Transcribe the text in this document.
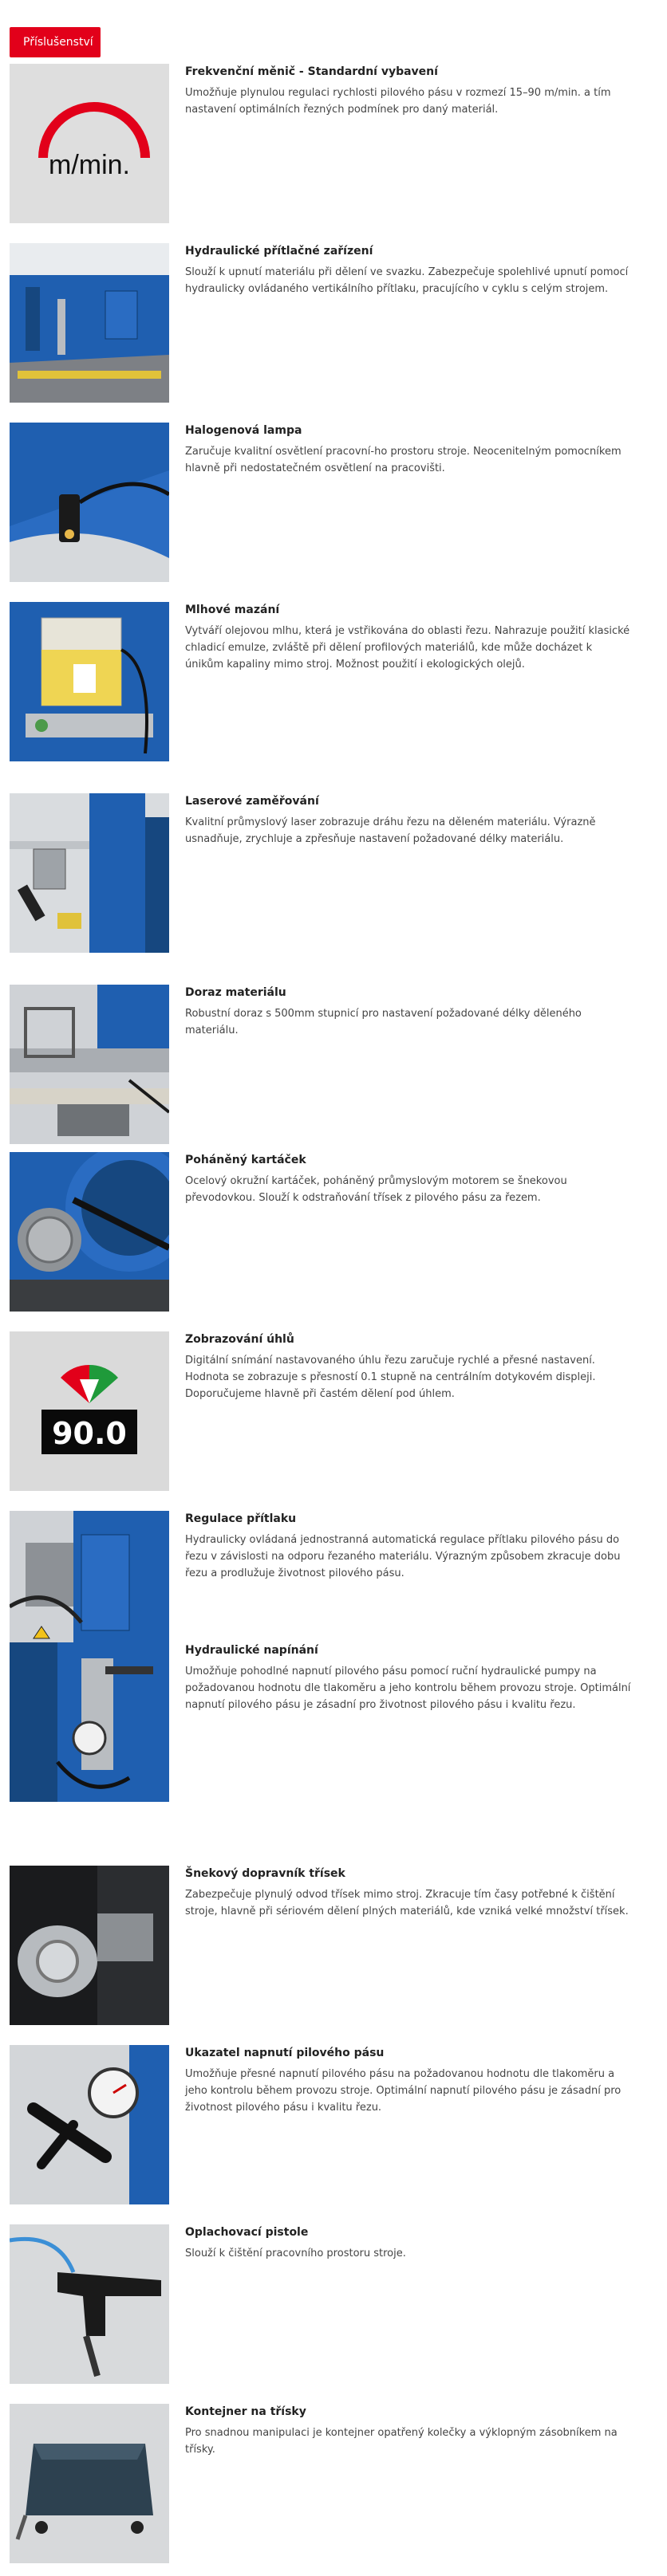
Příslušenství
m/min.
Frekvenční měnič - Standardní vybavení

Umožňuje plynulou regulaci rychlosti pilového pásu v rozmezí 15–90 m/min. a tím nastavení optimálních řezných podmínek pro daný materiál.

Hydraulické přítlačné zařízení

Slouží k upnutí materiálu při dělení ve svazku. Zabezpečuje spolehlivé upnutí pomocí hydraulicky ovládaného vertikálního přítlaku, pracujícího v cyklu s celým strojem.

Halogenová lampa

Zaručuje kvalitní osvětlení pracovní-ho prostoru stroje. Neocenitelným pomocníkem hlavně při nedostatečném osvětlení na pracovišti.

Mlhové mazání

Vytváří olejovou mlhu, která je vstřikována do oblasti řezu. Nahrazuje použití klasické chladicí emulze, zvláště při dělení profilových materiálů, kde může docházet k únikům kapaliny mimo stroj. Možnost použití i ekologických olejů.

Laserové zaměřování

Kvalitní průmyslový laser zobrazuje dráhu řezu na děleném materiálu. Výrazně usnadňuje, zrychluje a zpřesňuje nastavení požadované délky materiálu.

Doraz materiálu

Robustní doraz s 500mm stupnicí pro nastavení požadované délky děleného materiálu.

Poháněný kartáček

Ocelový okružní kartáček, poháněný průmyslovým motorem se šnekovou převodovkou. Slouží k odstraňování třísek z pilového pásu za řezem.

90.0
Zobrazování úhlů

Digitální snímání nastavovaného úhlu řezu zaručuje rychlé a přesné nastavení. Hodnota se zobrazuje s přesností 0.1 stupně na centrálním dotykovém displeji. Doporučujeme hlavně při častém dělení pod úhlem.

Regulace přítlaku

Hydraulicky ovládaná jednostranná automatická regulace přítlaku pilového pásu do řezu v závislosti na odporu řezaného materiálu. Výrazným způsobem zkracuje dobu řezu a prodlužuje životnost pilového pásu.

Hydraulické napínání

Umožňuje pohodlné napnutí pilového pásu pomocí ruční hydraulické pumpy na požadovanou hodnotu dle tlakoměru a jeho kontrolu během provozu stroje. Optimální napnutí pilového pásu je zásadní pro životnost pilového pásu i kvalitu řezu.

Šnekový dopravník třísek

Zabezpečuje plynulý odvod třísek mimo stroj. Zkracuje tím časy potřebné k čištění stroje, hlavně při sériovém dělení plných materiálů, kde vzniká velké množství třísek.

Ukazatel napnutí pilového pásu

Umožňuje přesné napnutí pilového pásu na požadovanou hodnotu dle tlakoměru a jeho kontrolu během provozu stroje. Optimální napnutí pilového pásu je zásadní pro životnost pilového pásu i kvalitu řezu.

Oplachovací pistole

Slouží k čištění pracovního prostoru stroje.

Kontejner na třísky

Pro snadnou manipulaci je kontejner opatřený kolečky a výklopným zásobníkem na třísky.
